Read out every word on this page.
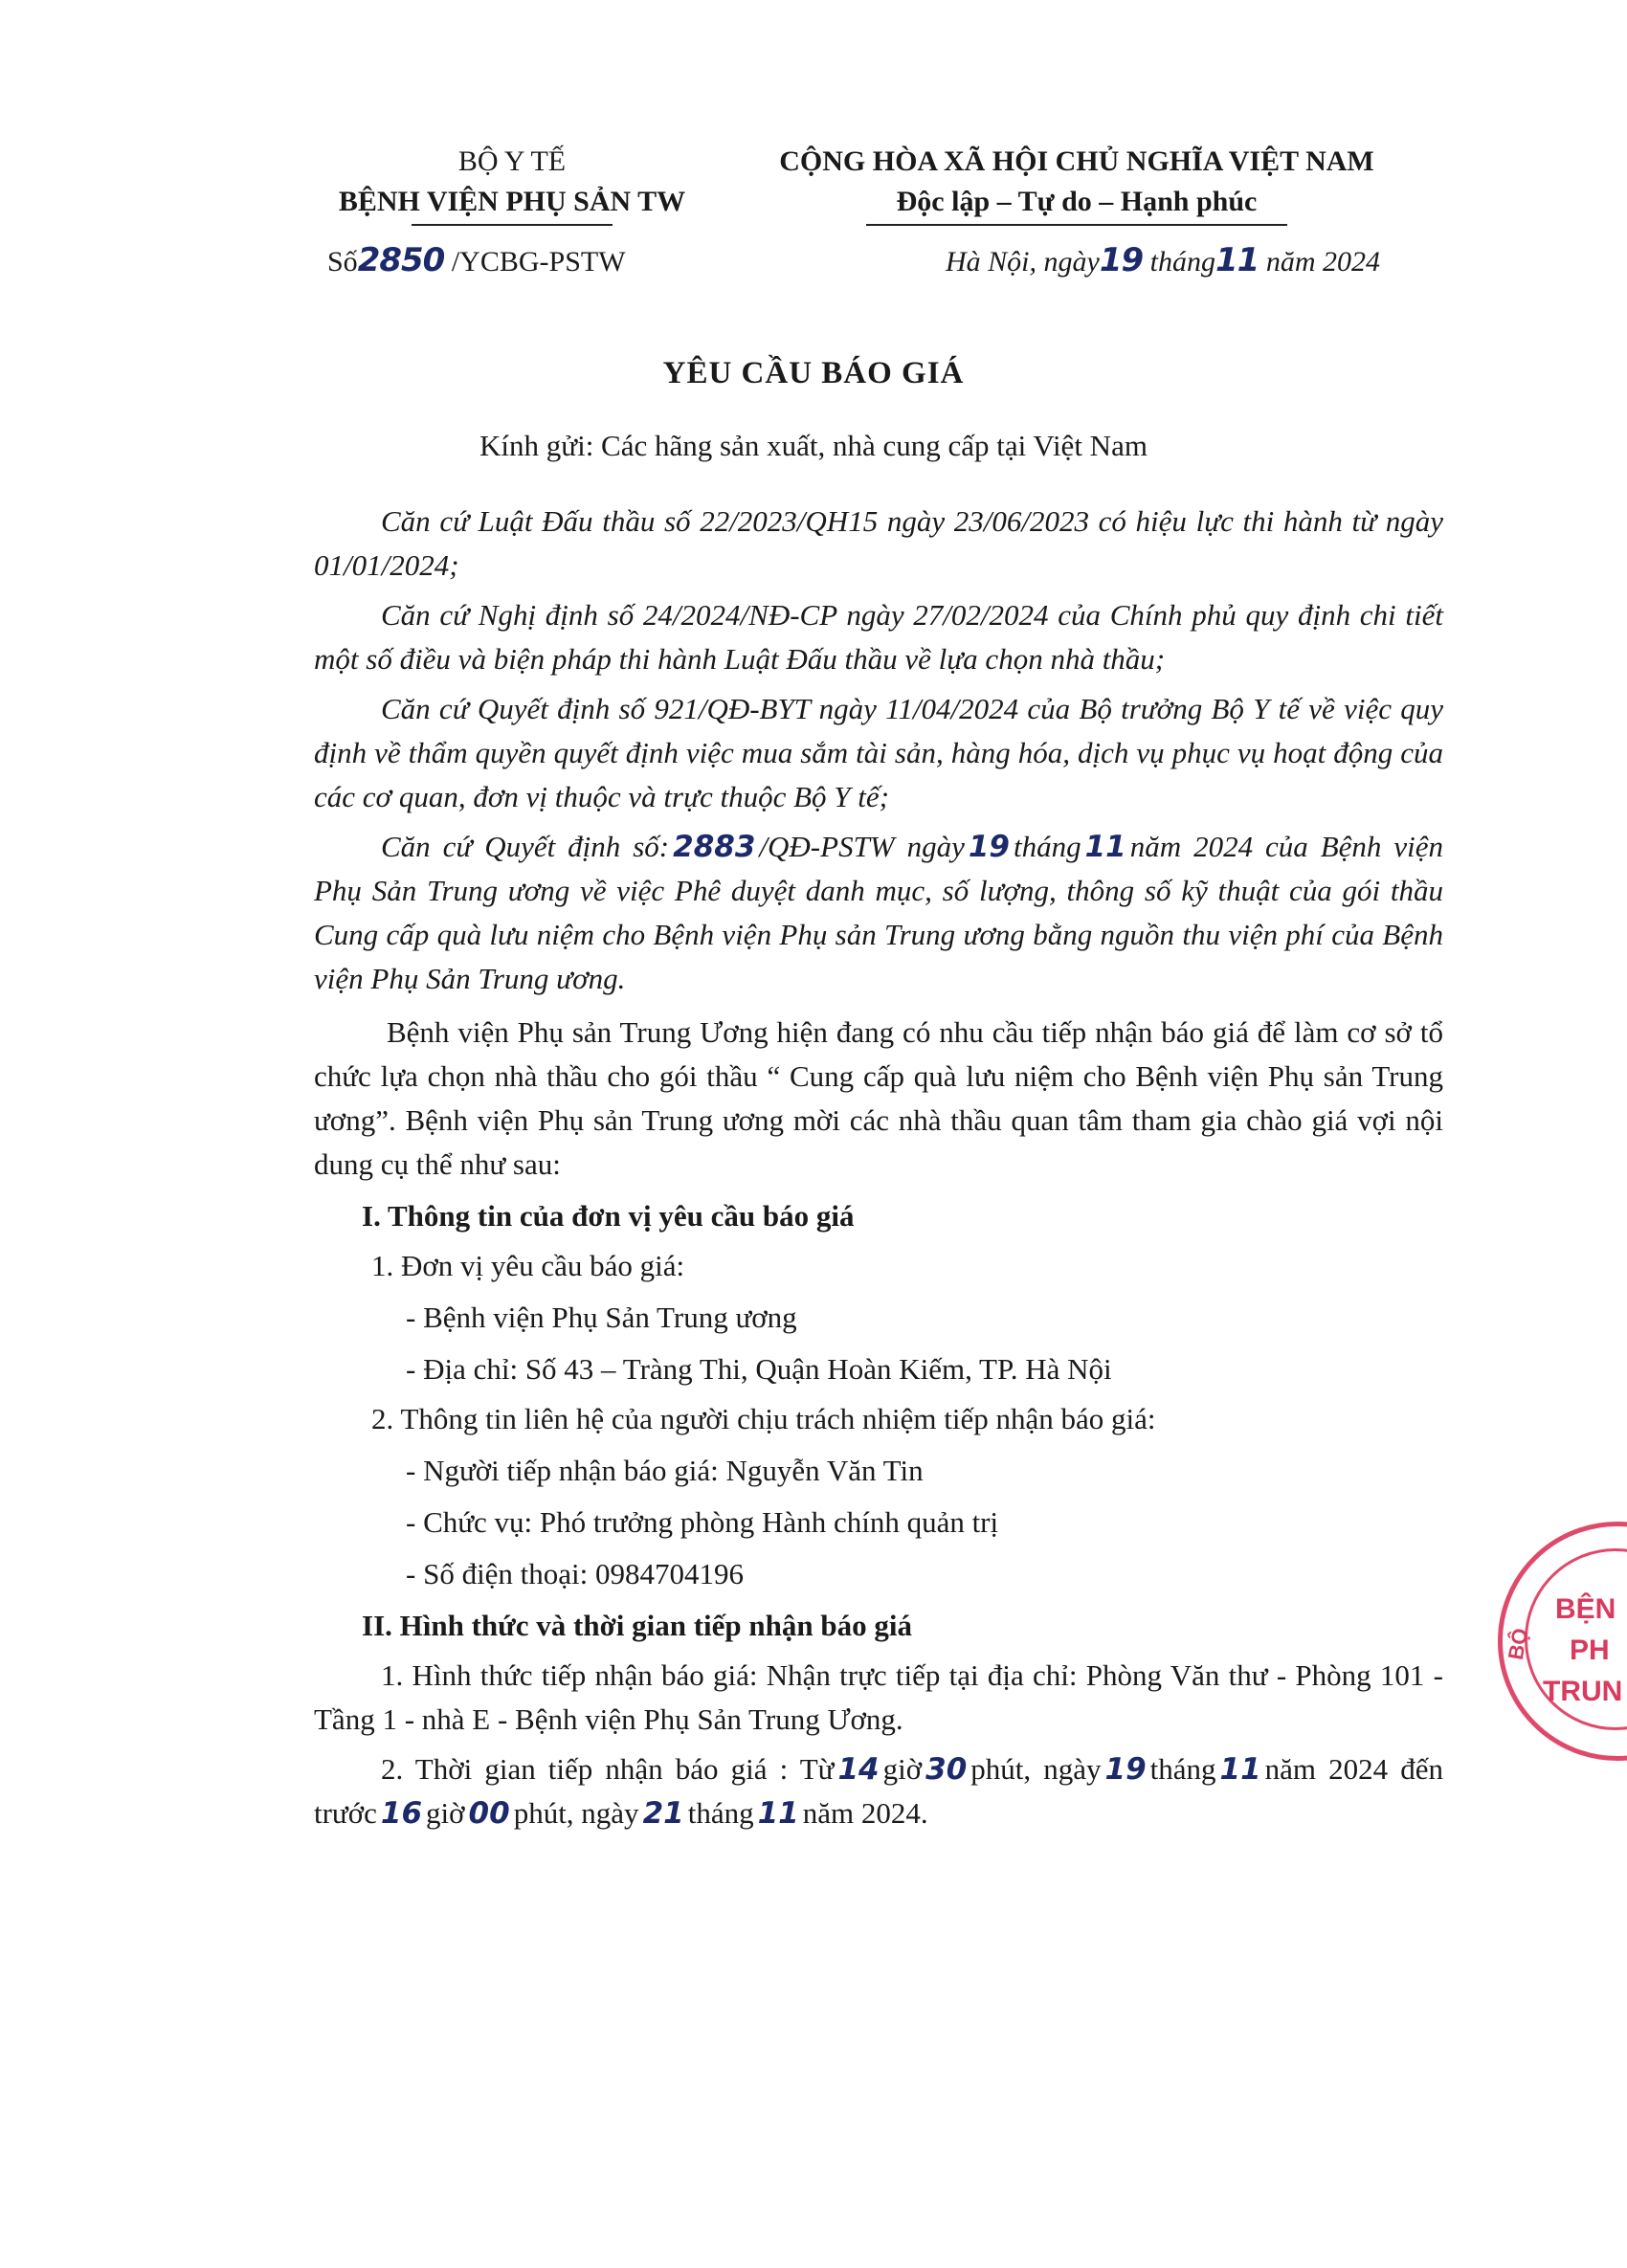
BỘ Y TẾ
BỆNH VIỆN PHỤ SẢN TW
CỘNG HÒA XÃ HỘI CHỦ NGHĨA VIỆT NAM
Độc lập – Tự do – Hạnh phúc
Số2850 /YCBG-PSTW	Hà Nội, ngày19 tháng11 năm 2024
YÊU CẦU BÁO GIÁ
Kính gửi: Các hãng sản xuất, nhà cung cấp tại Việt Nam

Căn cứ Luật Đấu thầu số 22/2023/QH15 ngày 23/06/2023 có hiệu lực thi hành từ ngày 01/01/2024;

Căn cứ Nghị định số 24/2024/NĐ-CP ngày 27/02/2024 của Chính phủ quy định chi tiết một số điều và biện pháp thi hành Luật Đấu thầu về lựa chọn nhà thầu;

Căn cứ Quyết định số 921/QĐ-BYT ngày 11/04/2024 của Bộ trưởng Bộ Y tế về việc quy định về thẩm quyền quyết định việc mua sắm tài sản, hàng hóa, dịch vụ phục vụ hoạt động của các cơ quan, đơn vị thuộc và trực thuộc Bộ Y tế;

Căn cứ Quyết định số: 2883 /QĐ-PSTW ngày 19 tháng 11 năm 2024 của Bệnh viện Phụ Sản Trung ương về việc Phê duyệt danh mục, số lượng, thông số kỹ thuật của gói thầu Cung cấp quà lưu niệm cho Bệnh viện Phụ sản Trung ương bằng nguồn thu viện phí của Bệnh viện Phụ Sản Trung ương.

Bệnh viện Phụ sản Trung Ương hiện đang có nhu cầu tiếp nhận báo giá để làm cơ sở tổ chức lựa chọn nhà thầu cho gói thầu “ Cung cấp quà lưu niệm cho Bệnh viện Phụ sản Trung ương”. Bệnh viện Phụ sản Trung ương mời các nhà thầu quan tâm tham gia chào giá vợi nội dung cụ thể như sau:

I. Thông tin của đơn vị yêu cầu báo giá

1. Đơn vị yêu cầu báo giá:

- Bệnh viện Phụ Sản Trung ương

- Địa chỉ: Số 43 – Tràng Thi, Quận Hoàn Kiếm, TP. Hà Nội

2. Thông tin liên hệ của người chịu trách nhiệm tiếp nhận báo giá:

- Người tiếp nhận báo giá: Nguyễn Văn Tin

- Chức vụ: Phó trưởng phòng Hành chính quản trị

- Số điện thoại: 0984704196

II. Hình thức và thời gian tiếp nhận báo giá

1. Hình thức tiếp nhận báo giá: Nhận trực tiếp tại địa chỉ: Phòng Văn thư - Phòng 101 - Tầng 1 - nhà E - Bệnh viện Phụ Sản Trung Ương.

2. Thời gian tiếp nhận báo giá : Từ 14 giờ 30 phút, ngày 19 tháng 11 năm 2024 đến trước 16 giờ 00 phút, ngày 21 tháng 11 năm 2024.

BỆN
PH
TRUN
BỘ
